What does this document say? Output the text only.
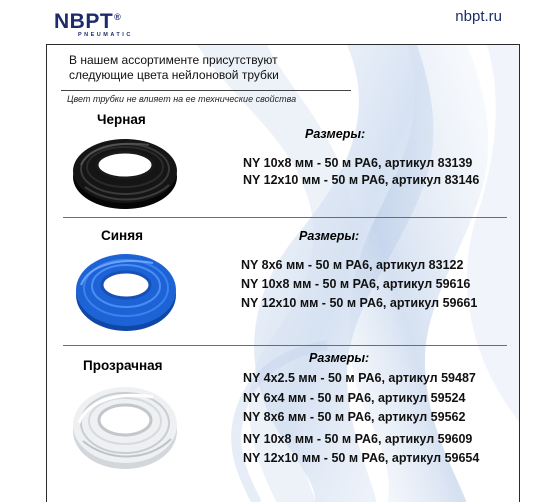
NBPT®
PNEUMATIC
nbpt.ru
В нашем ассортименте присутствуют
следующие цвета нейлоновой трубки
Цвет трубки не влияет на ее технические свойства
Черная
Размеры:
NY 10x8 мм - 50 м PA6, артикул 83139
NY 12x10 мм - 50 м PA6, артикул 83146
Синяя	Размеры:
NY 8x6 мм - 50 м PA6, артикул 83122
NY 10x8 мм - 50 м PA6, артикул 59616
NY 12x10 мм - 50 м PA6, артикул 59661
Прозрачная	Размеры:
NY 4x2.5 мм - 50 м PA6, артикул 59487
NY 6x4 мм - 50 м PA6, артикул 59524
NY 8x6 мм - 50 м PA6, артикул 59562
NY 10x8 мм - 50 м PA6, артикул 59609
NY 12x10 мм - 50 м PA6, артикул 59654
